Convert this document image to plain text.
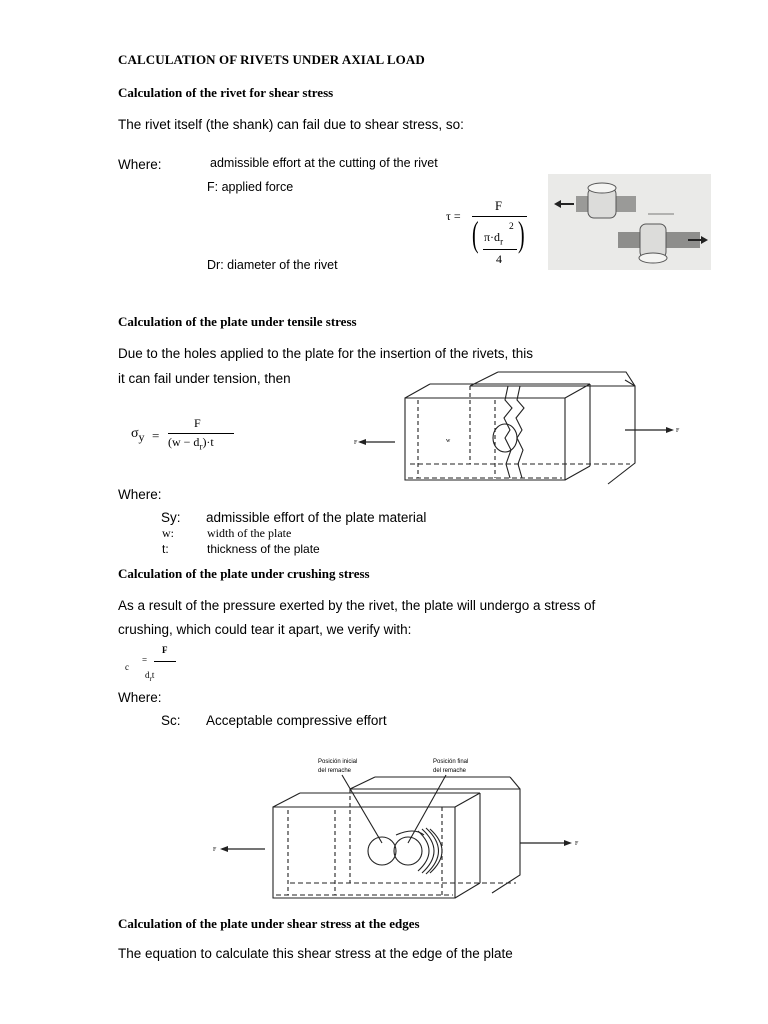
CALCULATION OF RIVETS UNDER AXIAL LOAD
Calculation of the rivet for shear stress
The rivet itself (the shank) can fail due to shear stress, so:
Where:	admissible effort at the cutting of the rivet
F: applied force
Dr: diameter of the rivet
τ =
F
( )
$\pi\cdot d_r$
2
4
Calculation of the plate under tensile stress
Due to the holes applied to the plate for the insertion of the rivets, this
it can fail under tension, then
$\sigma_y$ =
F
$(w - d_r)\cdot t$	F
F
w
Where:
Sy: admissible effort of the plate material
w:	width of the plate
t:	thickness of the plate
Calculation of the plate under crushing stress
As a result of the pressure exerted by the rivet, the plate will undergo a stress of
crushing, which could tear it apart, we verify with:
c
=
F
$d_rt$
Where:
Sc: Acceptable compressive effort
Posición inicial
del remache
Posición final
del remache
F
F
Calculation of the plate under shear stress at the edges
The equation to calculate this shear stress at the edge of the plate
